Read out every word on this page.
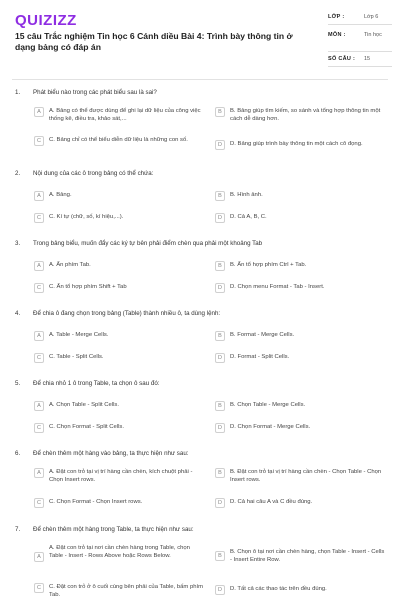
QUIZIZZ
15 câu Trắc nghiệm Tin học 6 Cánh diều Bài 4: Trình bày thông tin ở dạng bảng có đáp án
LỚP :	Lớp 6
MÔN :	Tin học
SỐ CÂU : 15
1. Phát biểu nào trong các phát biểu sau là sai?
A	A. Bảng có thể được dùng để ghi lại dữ liệu của công việc thống kê, điều tra, khảo sát,...
B	B. Bảng giúp tìm kiếm, so sánh và tổng hợp thông tin một cách dễ dàng hơn.
C	C. Bảng chỉ có thể biểu diễn dữ liệu là những con số.
D	D. Bảng giúp trình bày thông tin một cách cô đọng.
2. Nội dung của các ô trong bảng có thể chứa:
A	A. Bảng.	B	B. Hình ảnh.
C	C. Kí tự (chữ, số, kí hiệu,...).	D	D. Cả A, B, C.
3. Trong bảng biểu, muốn đẩy các ký tự bên phải điểm chèn qua phải một khoảng Tab
A	A. Ấn phím Tab.	B	B. Ấn tổ hợp phím Ctrl + Tab.
C	C. Ấn tổ hợp phím Shift + Tab	D	D. Chọn menu Format - Tab - Insert.
4. Để chia ô đang chọn trong bảng (Table) thành nhiều ô, ta dùng lệnh:
A	A. Table - Merge Cells.	B	B. Format - Merge Cells.
C	C. Table - Split Cells.	D	D. Format - Split Cells.
5. Để chia nhỏ 1 ô trong Table, ta chọn ô sau đó:
A	A. Chọn Table - Split Cells.	B	B. Chọn Table - Merge Cells.
C	C. Chọn Format - Split Cells.	D	D. Chọn Format - Merge Cells.
6. Để chèn thêm một hàng vào bảng, ta thực hiện như sau:
A	A. Đặt con trỏ tại vị trí hàng cần chèn, kích chuột phải - Chọn Insert rows.
B	B. Đặt con trỏ tại vị trí hàng cần chèn - Chọn Table - Chọn Insert rows.
C	C. Chọn Format - Chọn Insert rows.	D	D. Cả hai câu A và C đều đúng.
7. Để chèn thêm một hàng trong Table, ta thực hiện như sau:
A
A. Đặt con trỏ tại nơi cần chèn hàng trong Table, chọn Table - Insert - Rows Above hoặc Rows Below.	B
B. Chọn ô tại nơi cần chèn hàng, chọn Table - Insert - Cells - Insert Entire Row.
C	C. Đặt con trỏ ở ô cuối cùng bên phải của Table, bấm phím Tab.
D	D. Tất cả các thao tác trên đều đúng.
